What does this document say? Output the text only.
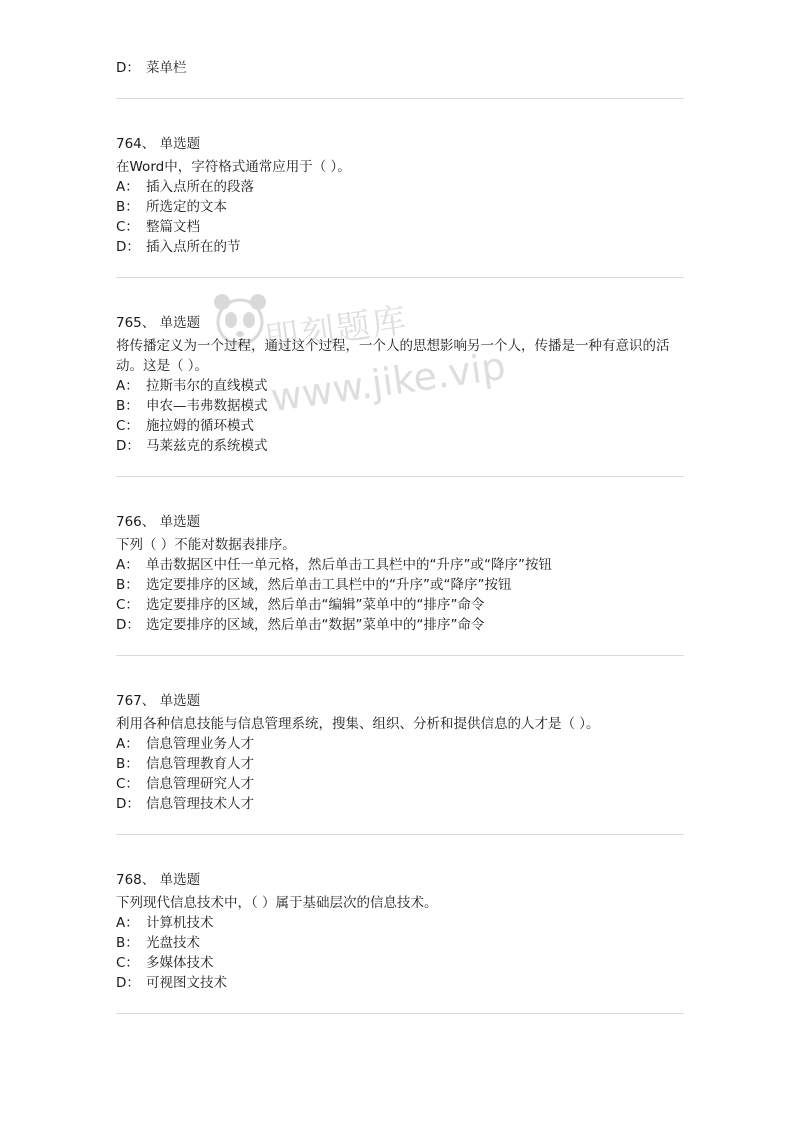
即刻题库
www.jike.vip
D： 菜单栏
764、 单选题
在Word中，字符格式通常应用于（ ）。
A： 插入点所在的段落
B： 所选定的文本
C： 整篇文档
D： 插入点所在的节
765、 单选题
将传播定义为一个过程，通过这个过程，一个人的思想影响另一个人，传播是一种有意识的活动。这是（ ）。
A： 拉斯韦尔的直线模式
B： 申农—韦弗数据模式
C： 施拉姆的循环模式
D： 马莱兹克的系统模式
766、 单选题
下列（ ）不能对数据表排序。
A： 单击数据区中任一单元格，然后单击工具栏中的“升序”或“降序”按钮
B： 选定要排序的区域，然后单击工具栏中的“升序”或“降序”按钮
C： 选定要排序的区域，然后单击“编辑”菜单中的“排序”命令
D： 选定要排序的区域，然后单击“数据”菜单中的“排序”命令
767、 单选题
利用各种信息技能与信息管理系统，搜集、组织、分析和提供信息的人才是（ ）。
A： 信息管理业务人才
B： 信息管理教育人才
C： 信息管理研究人才
D： 信息管理技术人才
768、 单选题
下列现代信息技术中，（ ）属于基础层次的信息技术。
A： 计算机技术
B： 光盘技术
C： 多媒体技术
D： 可视图文技术
